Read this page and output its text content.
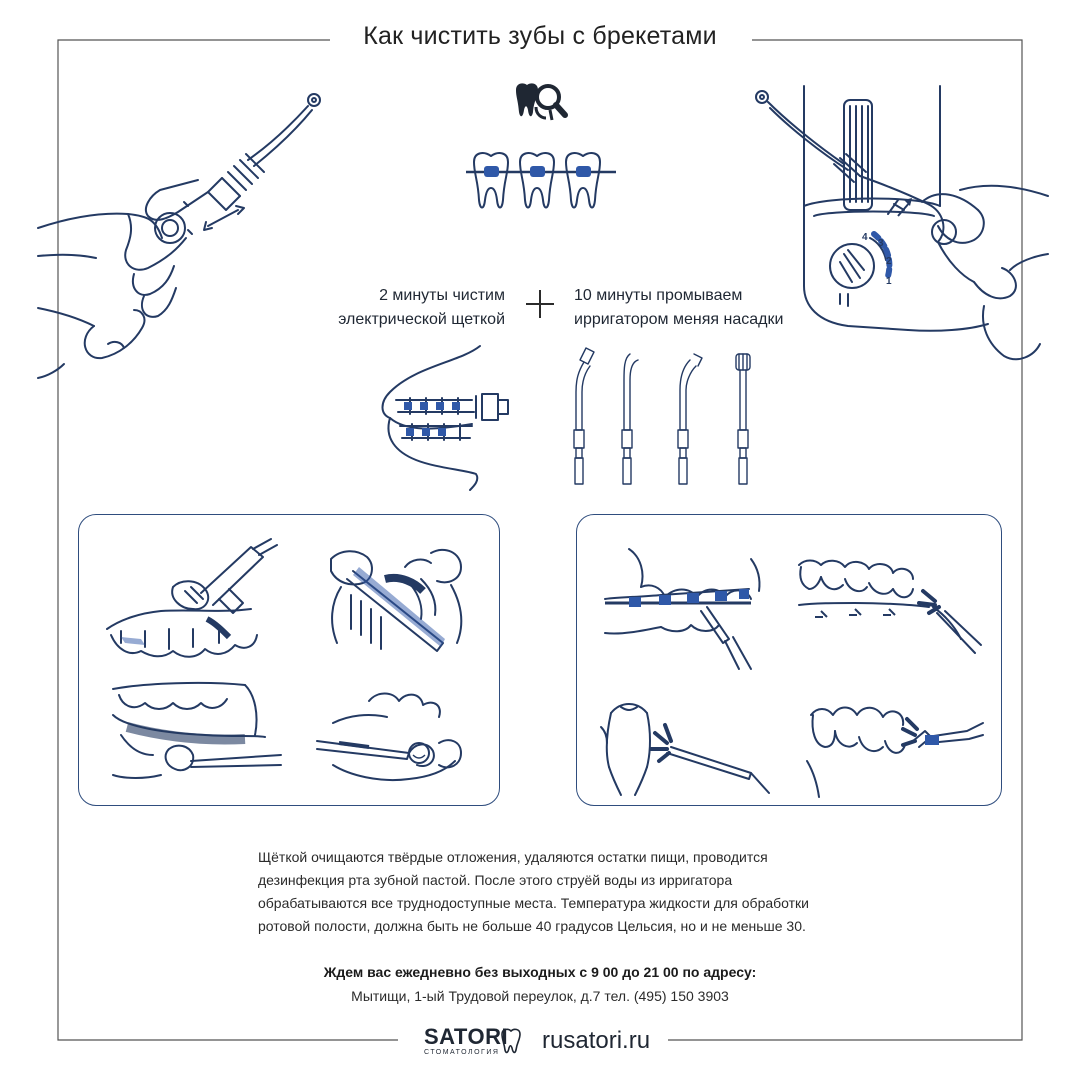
Как чистить зубы с брекетами
4
3
2
1
2 минуты чистим
электрической щеткой
10 минуты промываем
ирригатором меняя насадки
Щёткой очищаются твёрдые отложения, удаляются остатки пищи, проводится
дезинфекция рта зубной пастой. После этого струёй воды из ирригатора
обрабатываются все труднодоступные места. Температура жидкости для обработки
ротовой полости, должна быть не больше 40 градусов Цельсия, но и не меньше 30.
Ждем вас ежедневно без выходных с 9 00 до 21 00 по адресу:
Мытищи, 1-ый Трудовой переулок, д.7 тел. (495) 150 3903
SATORI
СТОМАТОЛОГИЯ rusatori.ru
